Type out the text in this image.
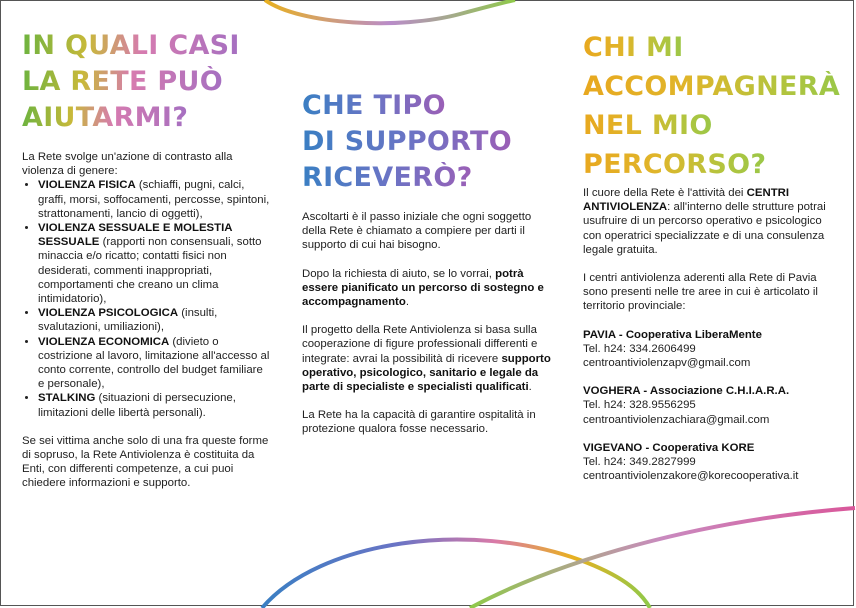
IN QUALI CASI
LA RETE PUÒ
AIUTARMI?

La Rete svolge un'azione di contrasto alla violenza di genere:

• VIOLENZA FISICA (schiaffi, pugni, calci, graffi, morsi, soffocamenti, percosse, spintoni, strattonamenti, lancio di oggetti),
• VIOLENZA SESSUALE E MOLESTIA SESSUALE (rapporti non consensuali, sotto minaccia e/o ricatto; contatti fisici non desiderati, commenti inappropriati, comportamenti che creano un clima intimidatorio),
• VIOLENZA PSICOLOGICA (insulti, svalutazioni, umiliazioni),
• VIOLENZA ECONOMICA (divieto o costrizione al lavoro, limitazione all'accesso al conto corrente, controllo del budget familiare e personale),
• STALKING (situazioni di persecuzione, limitazioni delle libertà personali).

Se sei vittima anche solo di una fra queste forme di sopruso, la Rete Antiviolenza è costituita da Enti, con differenti competenze, a cui puoi chiedere informazioni e supporto.

CHE TIPO
DI SUPPORTO
RICEVERÒ?

Ascoltarti è il passo iniziale che ogni soggetto della Rete è chiamato a compiere per darti il supporto di cui hai bisogno.

Dopo la richiesta di aiuto, se lo vorrai, potrà essere pianificato un percorso di sostegno e accompagnamento.

Il progetto della Rete Antiviolenza si basa sulla cooperazione di figure professionali differenti e integrate: avrai la possibilità di ricevere supporto operativo, psicologico, sanitario e legale da parte di specialiste e specialisti qualificati.

La Rete ha la capacità di garantire ospitalità in protezione qualora fosse necessario.

CHI MI
ACCOMPAGNERÀ
NEL MIO
PERCORSO?

Il cuore della Rete è l'attività dei CENTRI ANTIVIOLENZA: all'interno delle strutture potrai usufruire di un percorso operativo e psicologico con operatrici specializzate e di una consulenza legale gratuita.

I centri antiviolenza aderenti alla Rete di Pavia sono presenti nelle tre aree in cui è articolato il territorio provinciale:

PAVIA - Cooperativa LiberaMente

Tel. h24: 334.2606499

centroantiviolenzapv@gmail.com

VOGHERA - Associazione C.H.I.A.R.A.

Tel. h24: 328.9556295

centroantiviolenzachiara@gmail.com

VIGEVANO - Cooperativa KORE

Tel. h24: 349.2827999

centroantiviolenzakore@korecooperativa.it
